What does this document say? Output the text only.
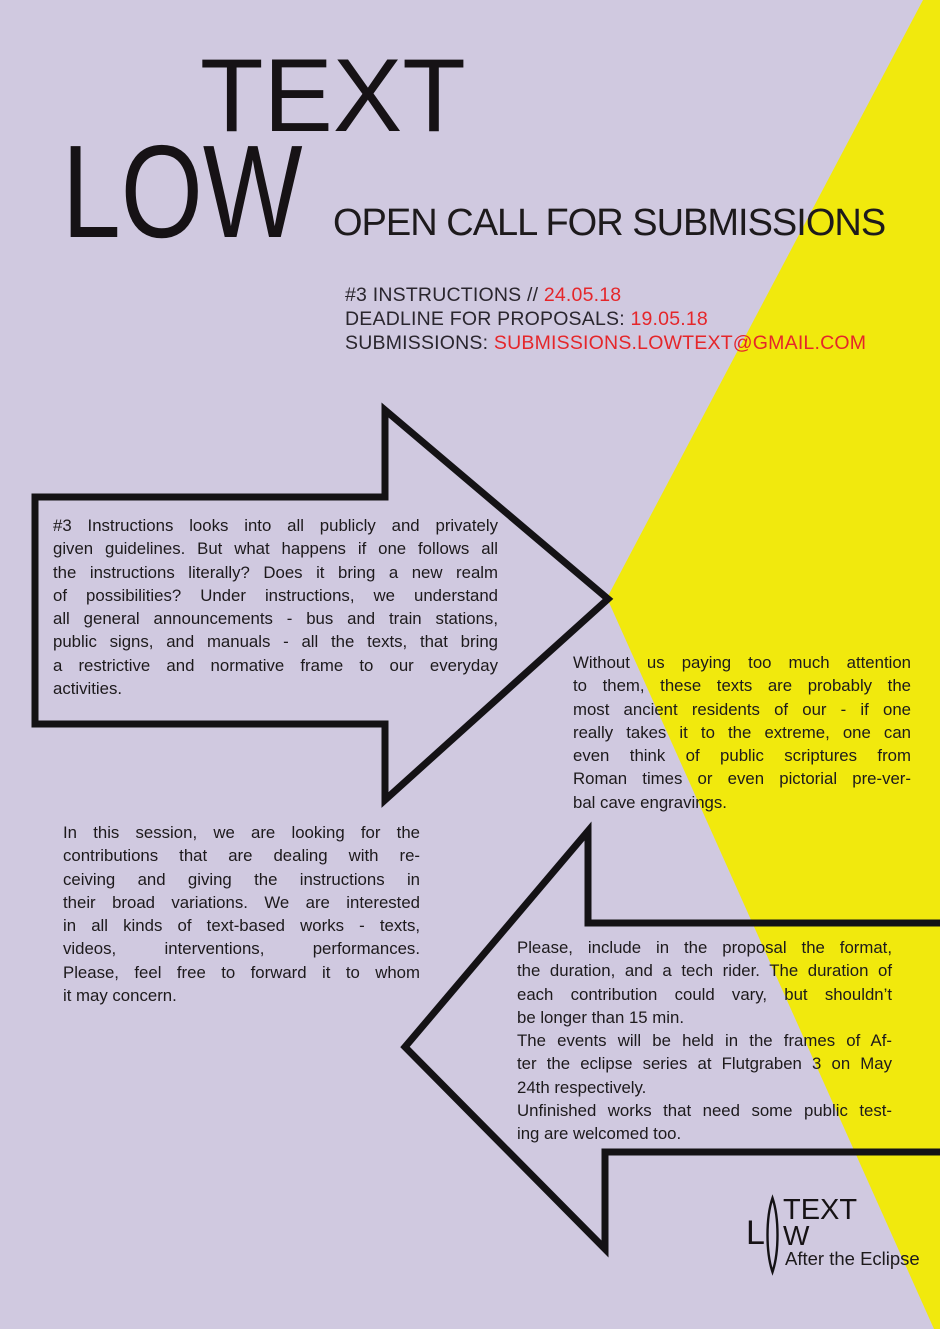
TEXT
LOW OPEN CALL FOR SUBMISSIONS
#3 INSTRUCTIONS // 24.05.18
DEADLINE FOR PROPOSALS: 19.05.18
SUBMISSIONS: SUBMISSIONS.LOWTEXT@GMAIL.COM
#3 Instructions looks into all publicly and privately
given guidelines. But what happens if one follows all
the instructions literally? Does it bring a new realm
of possibilities? Under instructions, we understand
all general announcements - bus and train stations,
public signs, and manuals - all the texts, that bring
a restrictive and normative frame to our everyday
activities.
Without us paying too much attention
to them, these texts are probably the
most ancient residents of our - if one
really takes it to the extreme, one can
even think of public scriptures from
Roman times or even pictorial pre-ver-
bal cave engravings.
In this session, we are looking for the
contributions that are dealing with re-
ceiving and giving the instructions in
their broad variations. We are interested
in all kinds of text-based works - texts,
videos, interventions, performances.
Please, feel free to forward it to whom
it may concern.
Please, include in the proposal the format,
the duration, and a tech rider. The duration of
each contribution could vary, but shouldn’t
be longer than 15 min.
The events will be held in the frames of Af-
ter the eclipse series at Flutgraben 3 on May
24th respectively.
Unfinished works that need some public test-
ing are welcomed too.
L
TEXT
W
After the Eclipse
